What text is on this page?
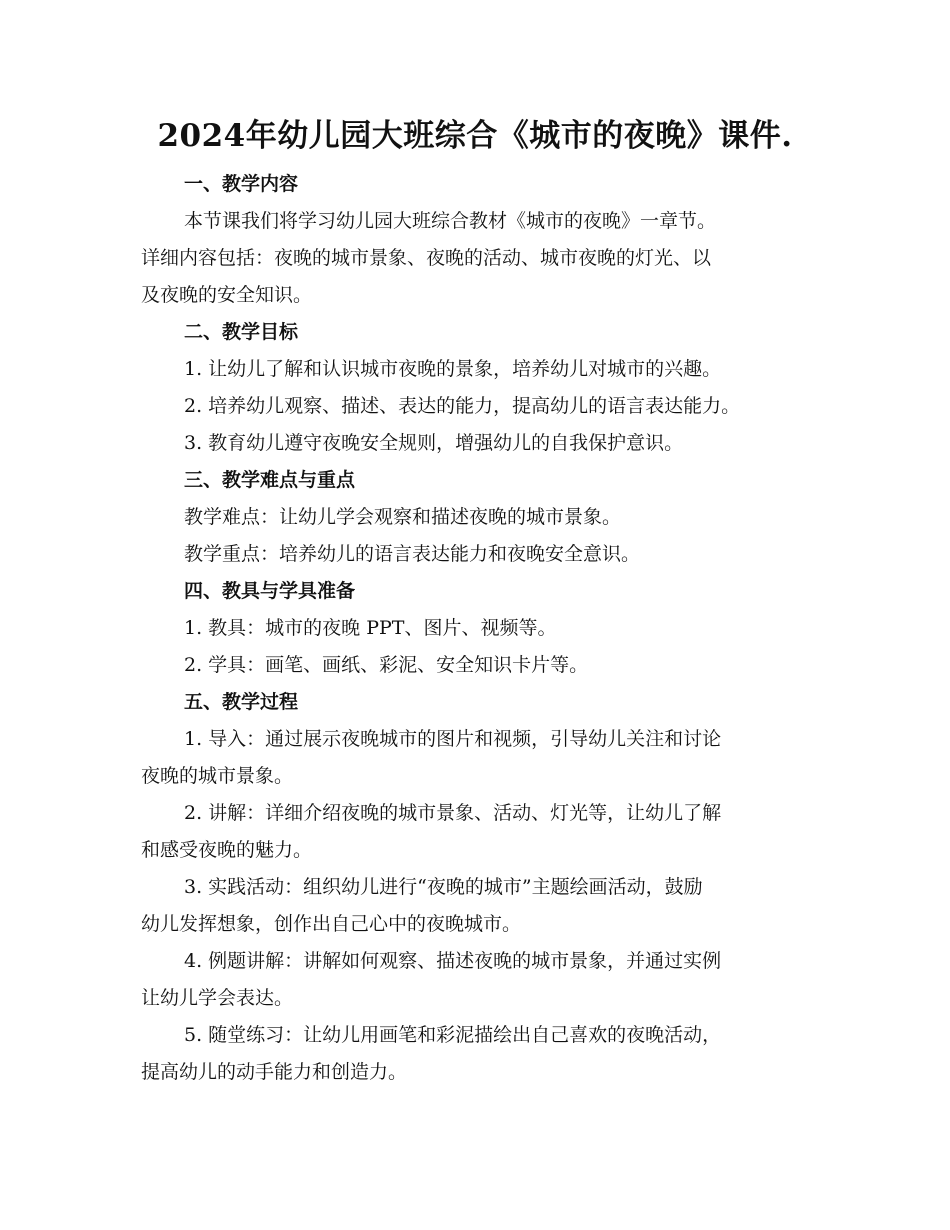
2024年幼儿园大班综合《城市的夜晚》课件.

一、教学内容

本节课我们将学习幼儿园大班综合教材《城市的夜晚》一章节。

详细内容包括：夜晚的城市景象、夜晚的活动、城市夜晚的灯光、以

及夜晚的安全知识。

二、教学目标

1. 让幼儿了解和认识城市夜晚的景象，培养幼儿对城市的兴趣。

2. 培养幼儿观察、描述、表达的能力，提高幼儿的语言表达能力。

3. 教育幼儿遵守夜晚安全规则，增强幼儿的自我保护意识。

三、教学难点与重点

教学难点：让幼儿学会观察和描述夜晚的城市景象。

教学重点：培养幼儿的语言表达能力和夜晚安全意识。

四、教具与学具准备

1. 教具：城市的夜晚 PPT、图片、视频等。

2. 学具：画笔、画纸、彩泥、安全知识卡片等。

五、教学过程

1. 导入：通过展示夜晚城市的图片和视频，引导幼儿关注和讨论

夜晚的城市景象。

2. 讲解：详细介绍夜晚的城市景象、活动、灯光等，让幼儿了解

和感受夜晚的魅力。

3. 实践活动：组织幼儿进行“夜晚的城市”主题绘画活动，鼓励

幼儿发挥想象，创作出自己心中的夜晚城市。

4. 例题讲解：讲解如何观察、描述夜晚的城市景象，并通过实例

让幼儿学会表达。

5. 随堂练习：让幼儿用画笔和彩泥描绘出自己喜欢的夜晚活动，

提高幼儿的动手能力和创造力。
